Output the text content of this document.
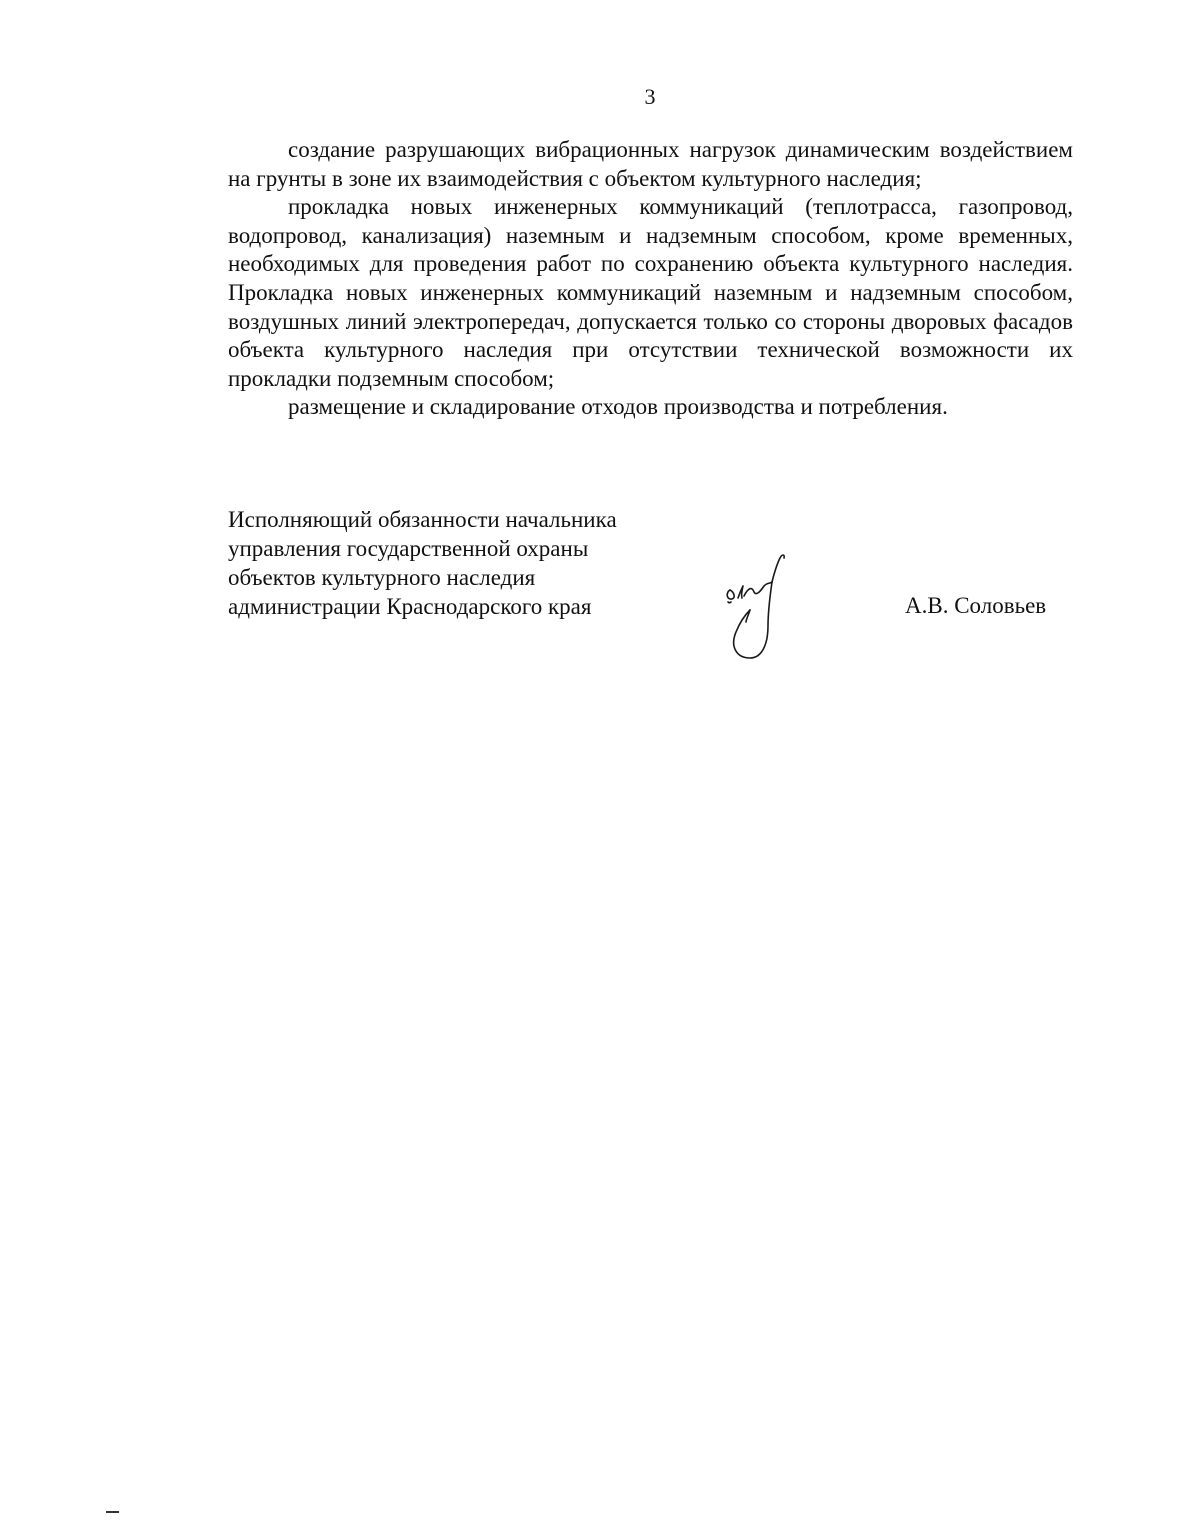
3

создание разрушающих вибрационных нагрузок динамическим воздействием на грунты в зоне их взаимодействия с объектом культурного наследия;

прокладка новых инженерных коммуникаций (теплотрасса, газопровод, водопровод, канализация) наземным и надземным способом, кроме временных, необходимых для проведения работ по сохранению объекта культурного наследия. Прокладка новых инженерных коммуникаций наземным и надземным способом, воздушных линий электропередач, допускается только со стороны дворовых фасадов объекта культурного наследия при отсутствии технической возможности их прокладки подземным способом;

размещение и складирование отходов производства и потребления.

Исполняющий обязанности начальника
управления государственной охраны
объектов культурного наследия
администрации Краснодарского края	А.В. Соловьев
